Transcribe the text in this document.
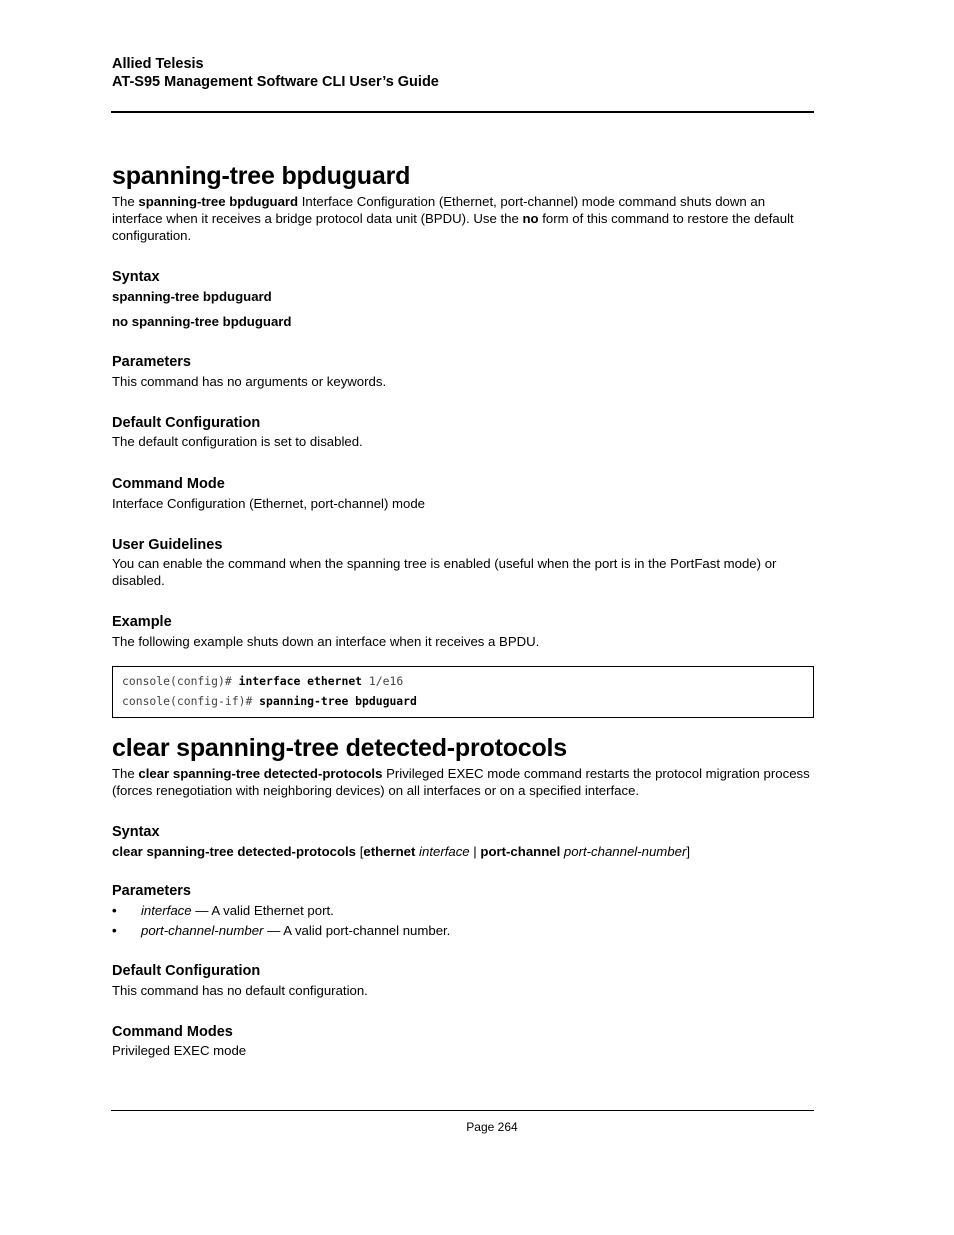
Allied Telesis
AT-S95 Management Software CLI User’s Guide
spanning-tree bpduguard

The spanning-tree bpduguard Interface Configuration (Ethernet, port-channel) mode command shuts down an interface when it receives a bridge protocol data unit (BPDU). Use the no form of this command to restore the default configuration.

Syntax

spanning-tree bpduguard

no spanning-tree bpduguard

Parameters

This command has no arguments or keywords.

Default Configuration

The default configuration is set to disabled.

Command Mode

Interface Configuration (Ethernet, port-channel) mode

User Guidelines

You can enable the command when the spanning tree is enabled (useful when the port is in the PortFast mode) or disabled.

Example

The following example shuts down an interface when it receives a BPDU.

console(config)# interface ethernet 1/e16
console(config-if)# spanning-tree bpduguard
clear spanning-tree detected-protocols

The clear spanning-tree detected-protocols Privileged EXEC mode command restarts the protocol migration process (forces renegotiation with neighboring devices) on all interfaces or on a specified interface.

Syntax

clear spanning-tree detected-protocols [ethernet interface | port-channel port-channel-number]

Parameters
• interface — A valid Ethernet port.
• port-channel-number — A valid port-channel number.
Default Configuration

This command has no default configuration.

Command Modes

Privileged EXEC mode

Page 264
